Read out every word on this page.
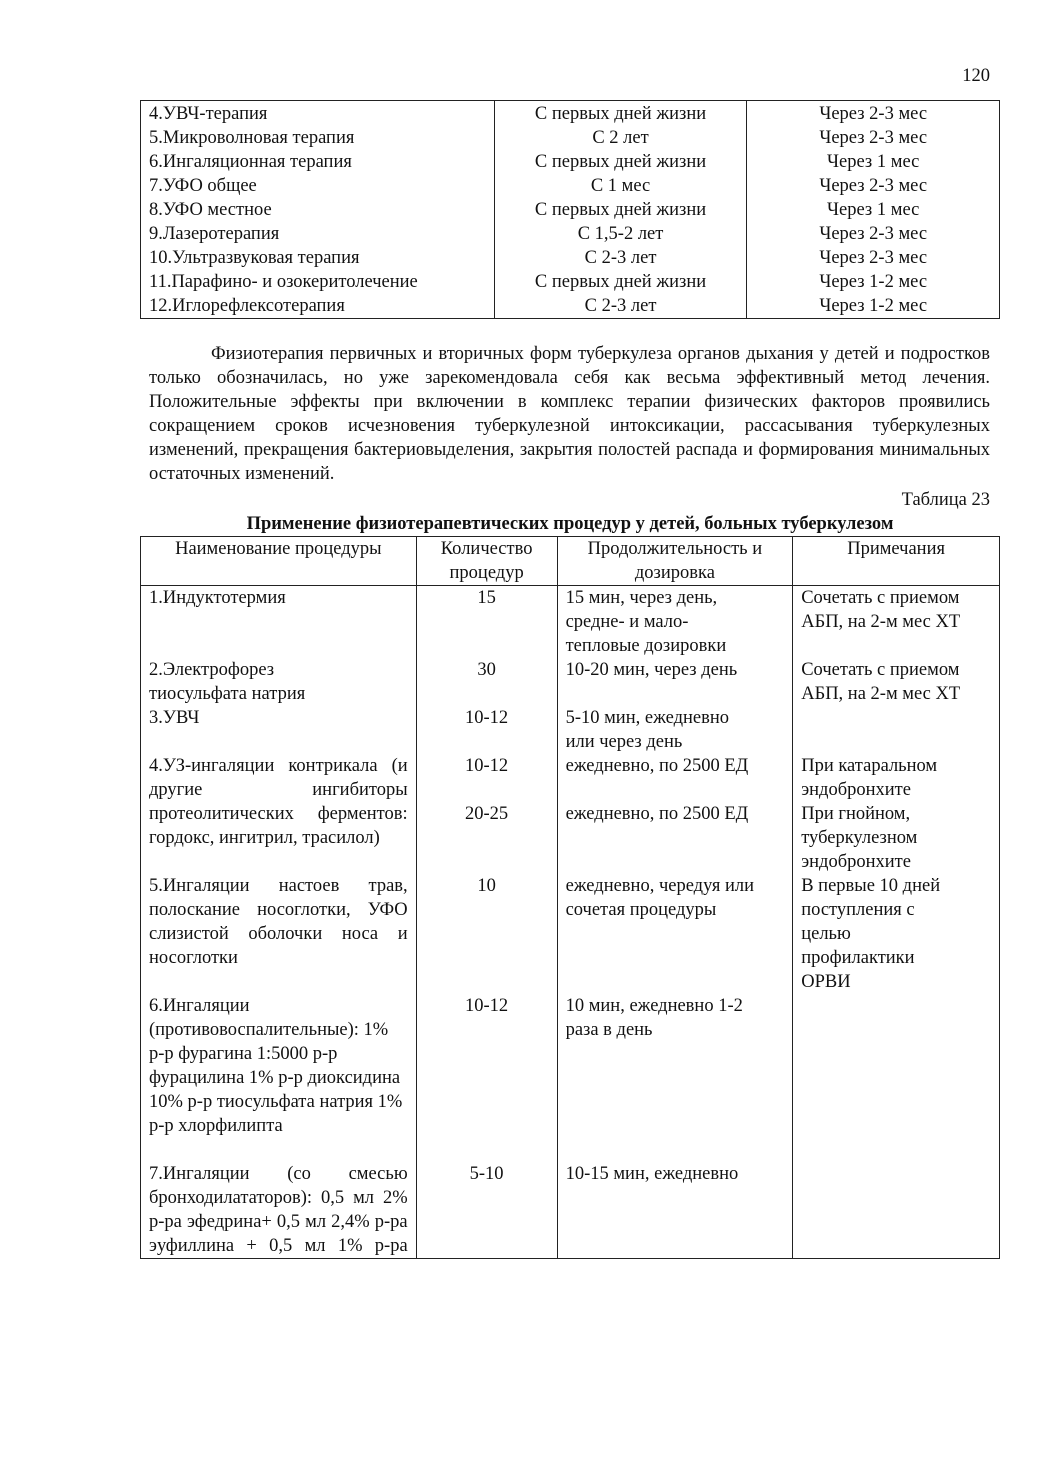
120
4.УВЧ-терапия	С первых дней жизни	Через 2-3 мес
5.Микроволновая терапия	С 2 лет	Через 2-3 мес
6.Ингаляционная терапия	С первых дней жизни	Через 1 мес
7.УФО общее	С 1 мес	Через 2-3 мес
8.УФО местное	С первых дней жизни	Через 1 мес
9.Лазеротерапия	С 1,5-2 лет	Через 2-3 мес
10.Ультразвуковая терапия	С 2-3 лет	Через 2-3 мес
11.Парафино- и озокеритолечение	С первых дней жизни	Через 1-2 мес
12.Иглорефлексотерапия	С 2-3 лет	Через 1-2 мес

Физиотерапия первичных и вторичных форм туберкулеза органов дыхания у детей и подростков только обозначилась, но уже зарекомендовала себя как весьма эффективный метод лечения. Положительные эффекты при включении в комплекс терапии физических факторов проявились сокращением сроков исчезновения туберкулезной интоксикации, рассасывания туберкулезных изменений, прекращения бактериовыделения, закрытия полостей распада и формирования минимальных остаточных изменений.

Таблица 23
Применение физиотерапевтических процедур у детей, больных туберкулезом
Наименование процедуры	Количество процедур	Продолжительность и дозировка	Примечания
1.Индуктотермия	15	15 мин, через день, средне- и мало-тепловые дозировки	Сочетать с приемом АБП, на 2-м мес ХТ
2.Электрофорез тиосульфата натрия	30	10-20 мин, через день	Сочетать с приемом АБП, на 2-м мес ХТ
3.УВЧ	10-12	5-10 мин, ежедневно или через день	
4.УЗ-ингаляции контрикала (и другие ингибиторы	10-12	ежедневно, по 2500 ЕД	При катаральном эндобронхите
протеолитических ферментов: гордокс, ингитрил, трасилол)	20-25	ежедневно, по 2500 ЕД	При гнойном, туберкулезном эндобронхите
5.Ингаляции настоев трав, полоскание носоглотки, УФО слизистой оболочки носа и носоглотки	10	ежедневно, чередуя или сочетая процедуры	В первые 10 дней поступления с целью профилактики ОРВИ
6.Ингаляции (противовоспалительные): 1% р-р фурагина 1:5000 р-р фурацилина 1% р-р диоксидина 10% р-р тиосульфата натрия 1% р-р хлорфилипта	10-12	10 мин, ежедневно 1-2 раза в день	
7.Ингаляции (со смесью бронходилататоров): 0,5 мл 2% р-ра эфедрина+ 0,5 мл 2,4% р-ра эуфиллина + 0,5 мл 1% р-ра	5-10	10-15 мин, ежедневно	
